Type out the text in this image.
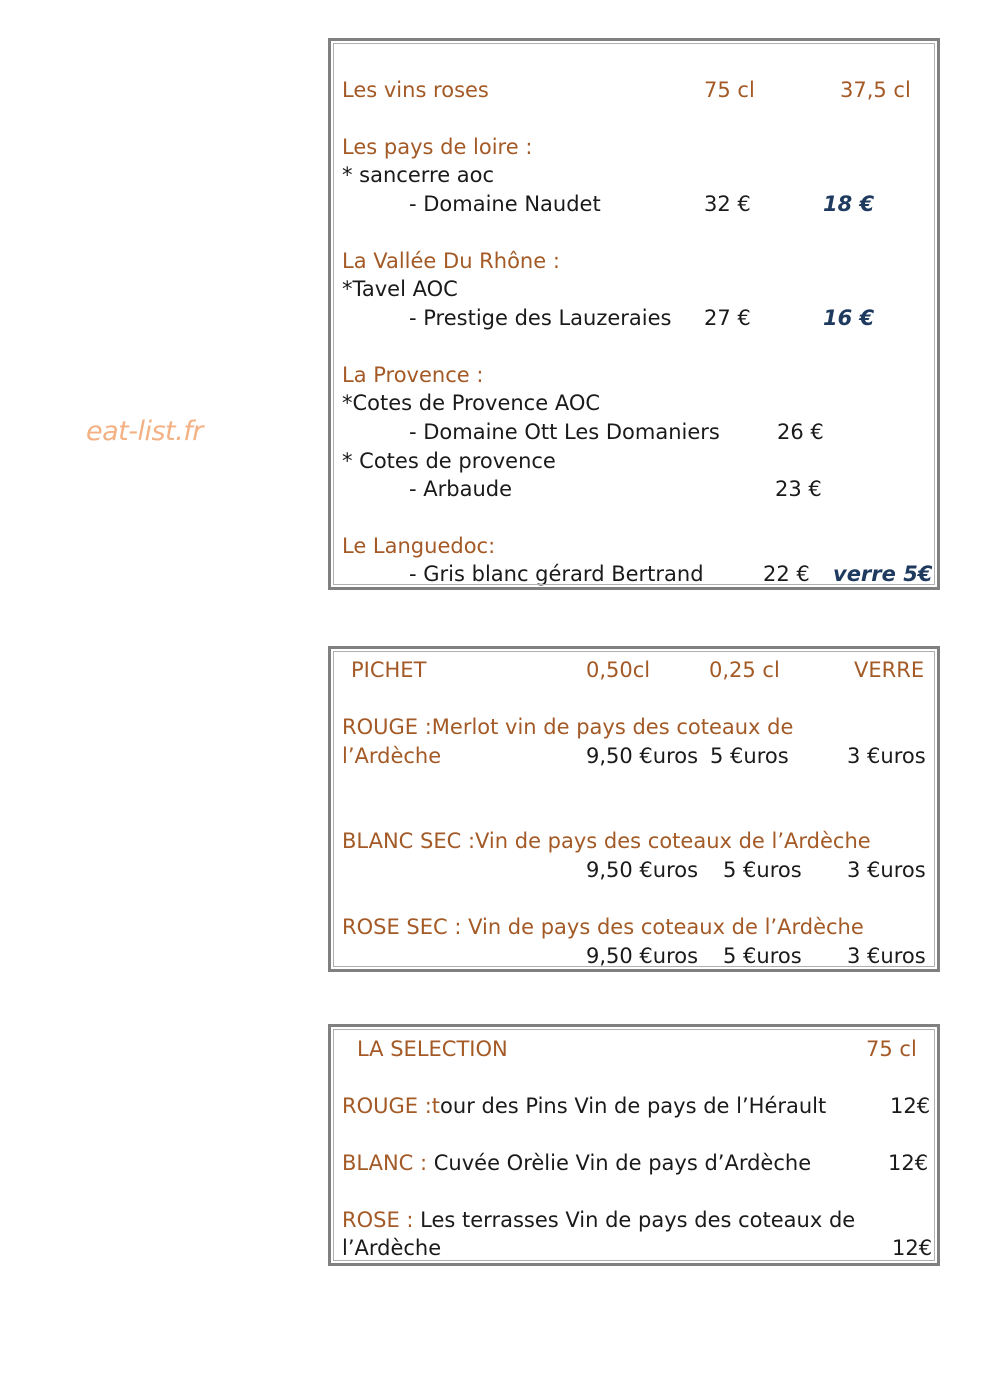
eat-list.fr
Les vins roses	75 cl	37,5 cl
Les pays de loire :
* sancerre aoc
- Domaine Naudet	32 €	18 €
La Vallée Du Rhône :
*Tavel AOC
- Prestige des Lauzeraies 27 €	16 €
La Provence :
*Cotes de Provence AOC
- Domaine Ott Les Domaniers	26 €
* Cotes de provence
- Arbaude	23 €
Le Languedoc:
- Gris blanc gérard Bertrand	22 € verre 5€
PICHET	0,50cl	0,25 cl	VERRE
ROUGE :Merlot vin de pays des coteaux de
l’Ardèche	9,50 €uros 5 €uros	3 €uros
BLANC SEC :Vin de pays des coteaux de l’Ardèche
9,50 €uros 5 €uros 3 €uros
ROSE SEC : Vin de pays des coteaux de l’Ardèche
9,50 €uros 5 €uros 3 €uros
LA SELECTION	75 cl
ROUGE :tour des Pins Vin de pays de l’Hérault	12€
BLANC : Cuvée Orèlie Vin de pays d’Ardèche	12€
ROSE : Les terrasses Vin de pays des coteaux de
l’Ardèche	12€
